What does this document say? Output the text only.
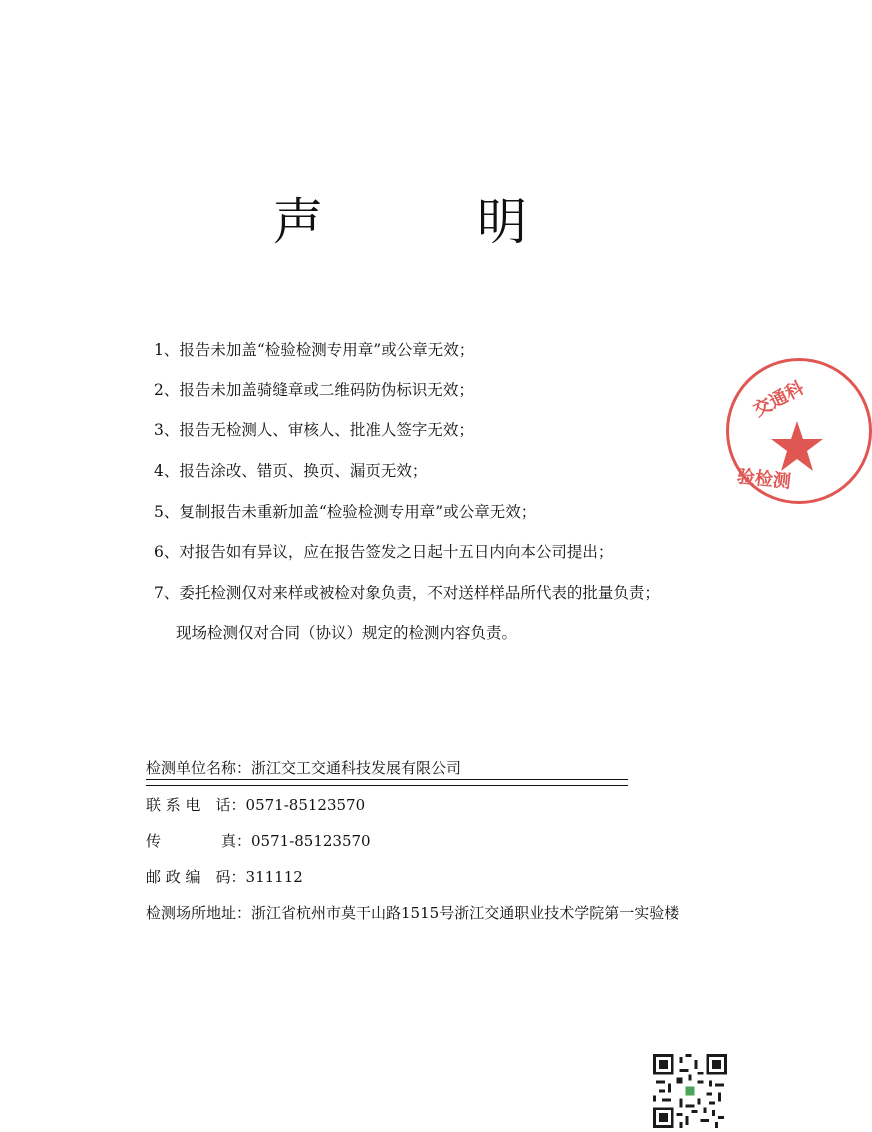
声　明
1、报告未加盖“检验检测专用章”或公章无效；
2、报告未加盖骑缝章或二维码防伪标识无效；
3、报告无检测人、审核人、批准人签字无效；
4、报告涂改、错页、换页、漏页无效；
5、复制报告未重新加盖“检验检测专用章”或公章无效；
6、对报告如有异议，应在报告签发之日起十五日内向本公司提出；
7、委托检测仅对来样或被检对象负责，不对送样样品所代表的批量负责；
现场检测仅对合同（协议）规定的检测内容负责。
检测单位名称：浙江交工交通科技发展有限公司
联 系 电　话：0571-85123570
传　　　　真：0571-85123570
邮 政 编　码：311112
检测场所地址：浙江省杭州市莫干山路1515号浙江交通职业技术学院第一实验楼
交通科
验检测
